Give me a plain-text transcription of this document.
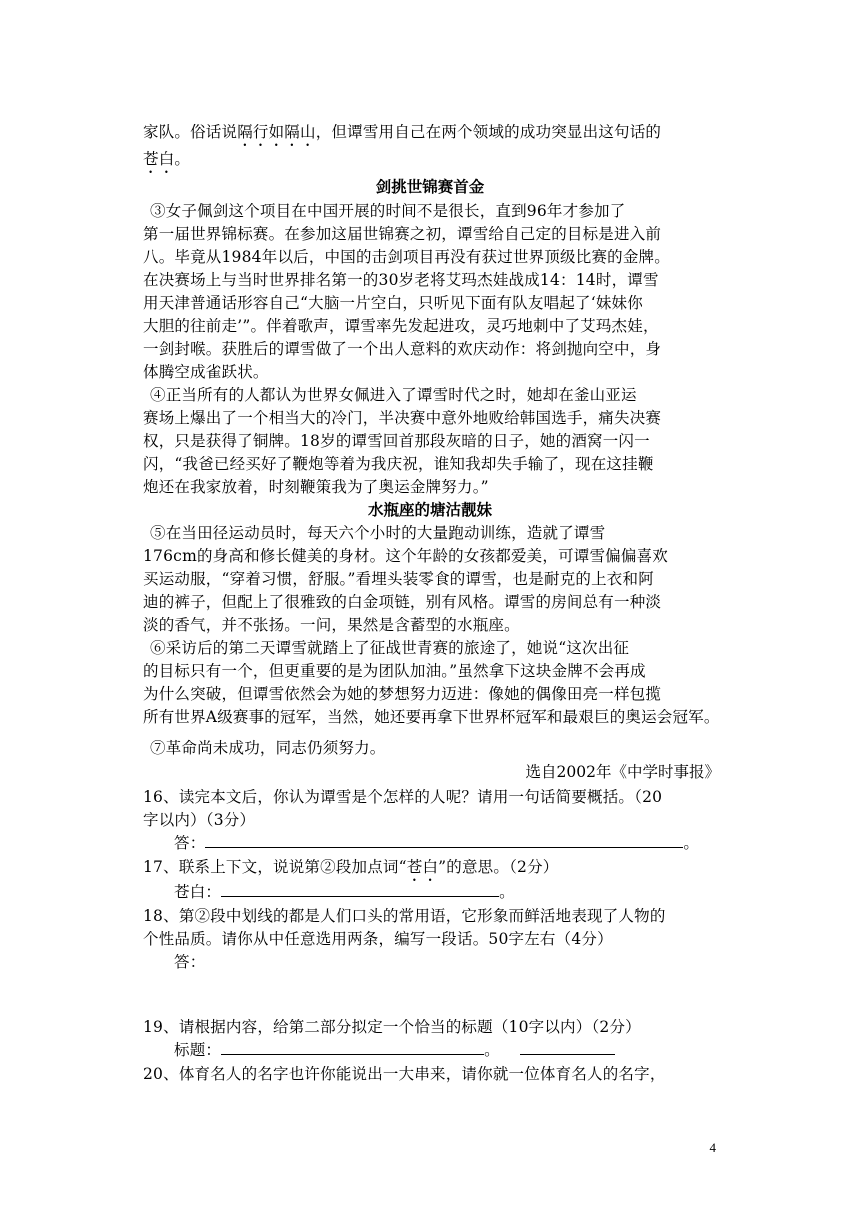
家队。俗话说隔行如隔山，但谭雪用自己在两个领域的成功突显出这句话的
苍白。
剑挑世锦赛首金
③女子佩剑这个项目在中国开展的时间不是很长，直到96年才参加了
第一届世界锦标赛。在参加这届世锦赛之初，谭雪给自己定的目标是进入前
八。毕竟从1984年以后，中国的击剑项目再没有获过世界顶级比赛的金牌。
在决赛场上与当时世界排名第一的30岁老将艾玛杰娃战成14：14时，谭雪
用天津普通话形容自己“大脑一片空白，只听见下面有队友唱起了‘妹妹你
大胆的往前走’”。伴着歌声，谭雪率先发起进攻，灵巧地刺中了艾玛杰娃，
一剑封喉。获胜后的谭雪做了一个出人意料的欢庆动作：将剑抛向空中，身
体腾空成雀跃状。
④正当所有的人都认为世界女佩进入了谭雪时代之时，她却在釜山亚运
赛场上爆出了一个相当大的冷门，半决赛中意外地败给韩国选手，痛失决赛
权，只是获得了铜牌。18岁的谭雪回首那段灰暗的日子，她的酒窝一闪一
闪，“我爸已经买好了鞭炮等着为我庆祝，谁知我却失手输了，现在这挂鞭
炮还在我家放着，时刻鞭策我为了奥运金牌努力。”
水瓶座的塘沽靓妹
⑤在当田径运动员时，每天六个小时的大量跑动训练，造就了谭雪
176cm的身高和修长健美的身材。这个年龄的女孩都爱美，可谭雪偏偏喜欢
买运动服，“穿着习惯，舒服。”看埋头装零食的谭雪，也是耐克的上衣和阿
迪的裤子，但配上了很雅致的白金项链，别有风格。谭雪的房间总有一种淡
淡的香气，并不张扬。一问，果然是含蓄型的水瓶座。
⑥采访后的第二天谭雪就踏上了征战世青赛的旅途了，她说“这次出征
的目标只有一个，但更重要的是为团队加油。”虽然拿下这块金牌不会再成
为什么突破，但谭雪依然会为她的梦想努力迈进：像她的偶像田亮一样包揽
所有世界A级赛事的冠军，当然，她还要再拿下世界杯冠军和最艰巨的奥运会冠军。
⑦革命尚未成功，同志仍须努力。
选自2002年《中学时事报》
16、读完本文后，你认为谭雪是个怎样的人呢？请用一句话简要概括。（20
字以内）（3分）
答：	。
17、联系上下文，说说第②段加点词“苍白”的意思。（2分）
苍白：	。
18、第②段中划线的都是人们口头的常用语，它形象而鲜活地表现了人物的
个性品质。请你从中任意选用两条，编写一段话。50字左右（4分）
答：
19、请根据内容，给第二部分拟定一个恰当的标题（10字以内）（2分）
标题：	。
20、体育名人的名字也许你能说出一大串来，请你就一位体育名人的名字，
4
